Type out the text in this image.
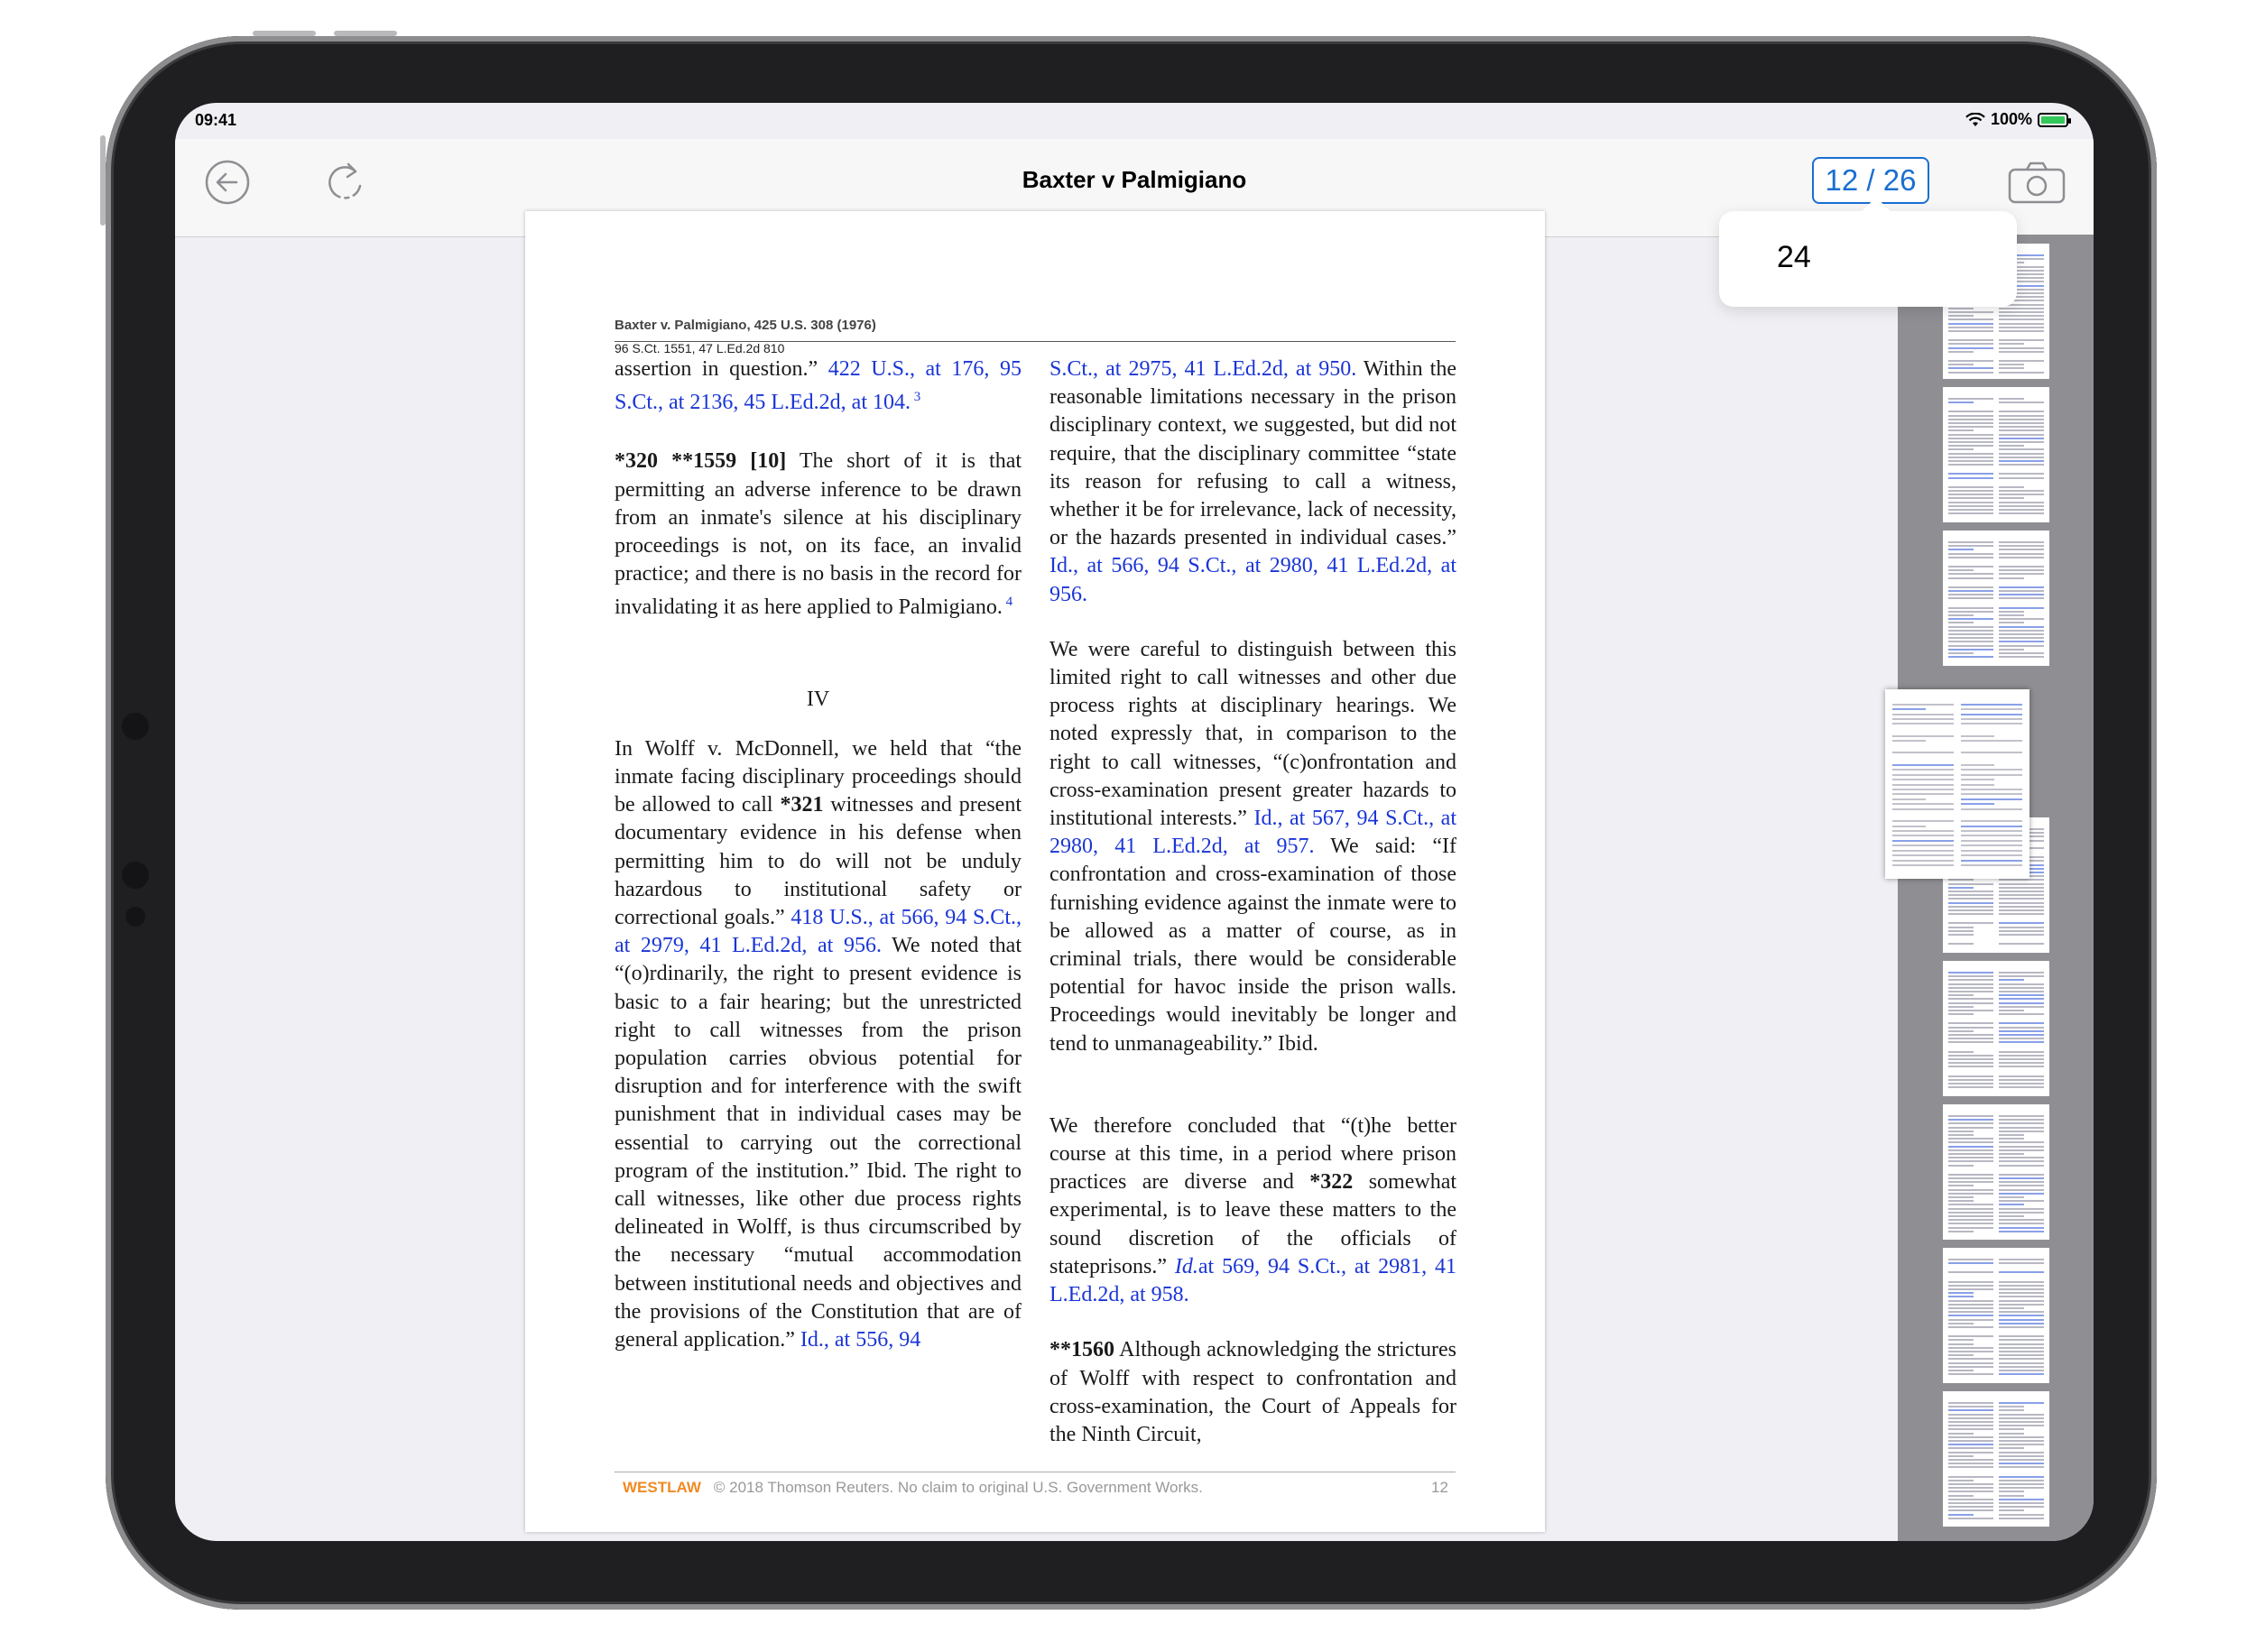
09:41	100%
Baxter v Palmigiano	12 / 26
Baxter v. Palmigiano, 425 U.S. 308 (1976)
96 S.Ct. 1551, 47 L.Ed.2d 810

assertion in question.” 422 U.S., at 176, 95 S.Ct., at 2136, 45 L.Ed.2d, at 104. $^3$

*320 **1559 [10] The short of it is that permitting an adverse inference to be drawn from an inmate's silence at his disciplinary proceedings is not, on its face, an invalid practice; and there is no basis in the record for invalidating it as here applied to Palmigiano. $^4$

IV

In Wolff v. McDonnell, we held that “the inmate facing disciplinary proceedings should be allowed to call *321 witnesses and present documentary evidence in his defense when permitting him to do will not be unduly hazardous to institutional safety or correctional goals.” 418 U.S., at 566, 94 S.Ct., at 2979, 41 L.Ed.2d, at 956. We noted that “(o)rdinarily, the right to present evidence is basic to a fair hearing; but the unrestricted right to call witnesses from the prison population carries obvious potential for disruption and for interference with the swift punishment that in individual cases may be essential to carrying out the correctional program of the institution.” Ibid. The right to call witnesses, like other due process rights delineated in Wolff, is thus circumscribed by the necessary “mutual accommodation between institutional needs and objectives and the provisions of the Constitution that are of general application.” Id., at 556, 94

S.Ct., at 2975, 41 L.Ed.2d, at 950. Within the reasonable limitations necessary in the prison disciplinary context, we suggested, but did not require, that the disciplinary committee “state its reason for refusing to call a witness, whether it be for irrelevance, lack of necessity, or the hazards presented in individual cases.” Id., at 566, 94 S.Ct., at 2980, 41 L.Ed.2d, at 956.

We were careful to distinguish between this limited right to call witnesses and other due process rights at disciplinary hearings. We noted expressly that, in comparison to the right to call witnesses, “(c)onfrontation and cross-examination present greater hazards to institutional interests.” Id., at 567, 94 S.Ct., at 2980, 41 L.Ed.2d, at 957. We said: “If confrontation and cross-examination of those furnishing evidence against the inmate were to be allowed as a matter of course, as in criminal trials, there would be considerable potential for havoc inside the prison walls. Proceedings would inevitably be longer and tend to unmanageability.” Ibid.

We therefore concluded that “(t)he better course at this time, in a period where prison practices are diverse and *322 somewhat experimental, is to leave these matters to the sound discretion of the officials of stateprisons.” Id.at 569, 94 S.Ct., at 2981, 41 L.Ed.2d, at 958.

**1560 Although acknowledging the strictures of Wolff with respect to confrontation and cross-examination, the Court of Appeals for the Ninth Circuit,

WESTLAW © 2018 Thomson Reuters. No claim to original U.S. Government Works.	12
24
